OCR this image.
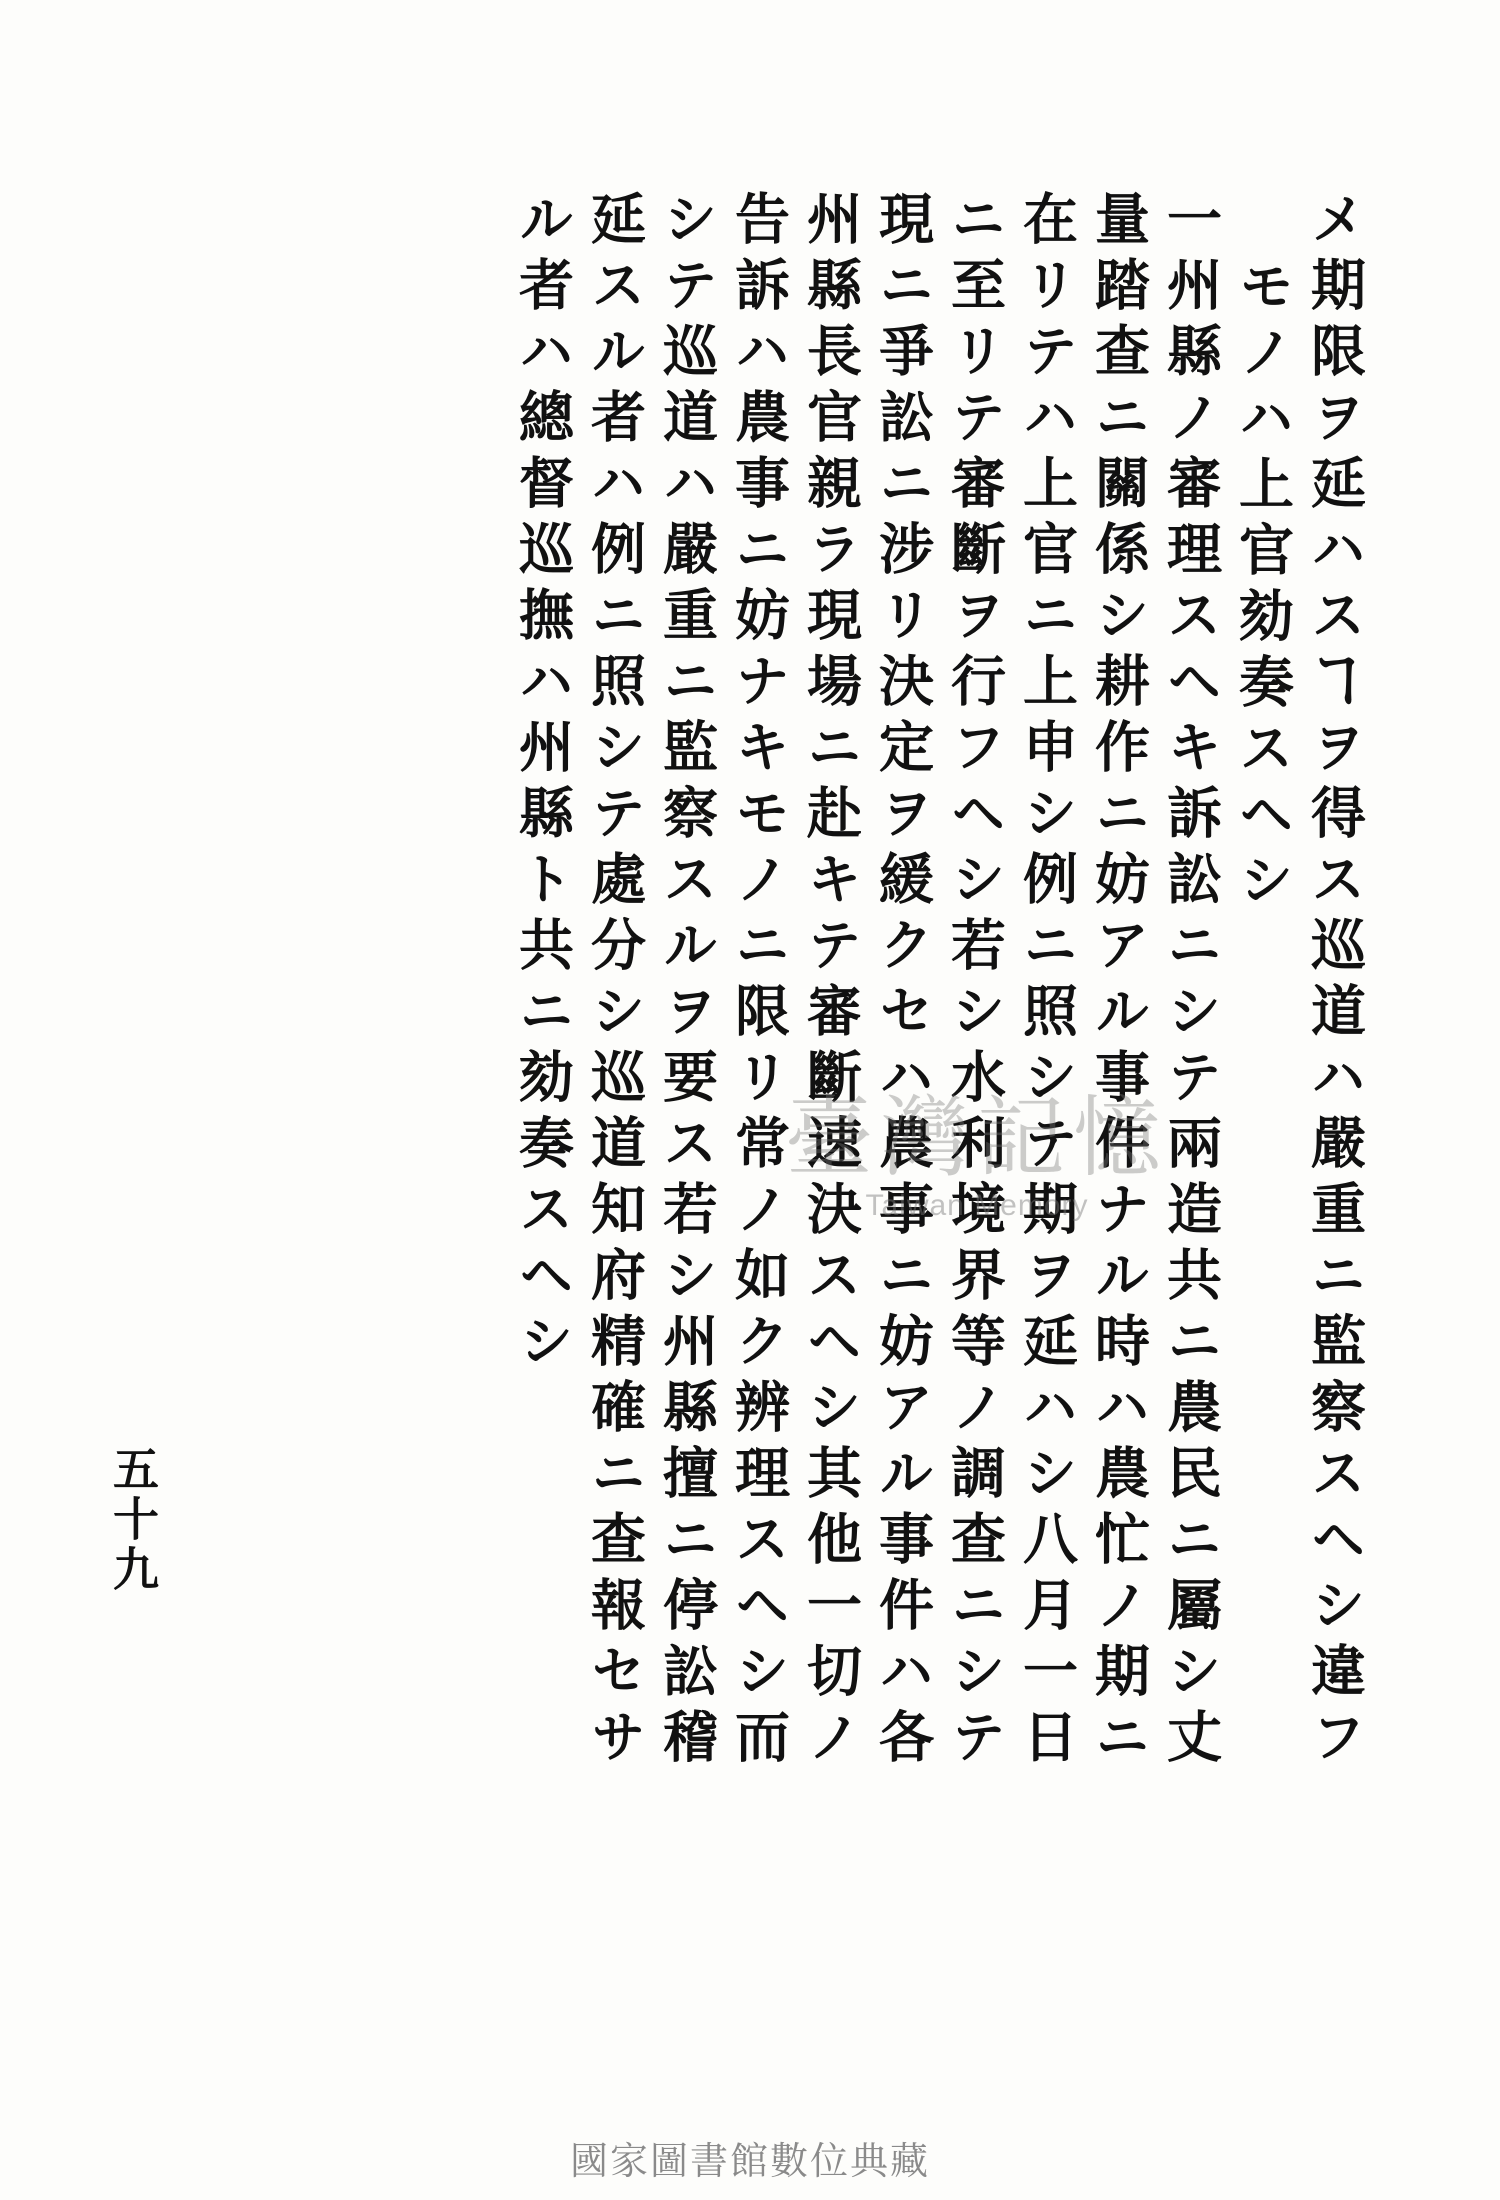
メ期限ヲ延ハスヿヲ得ス巡道ハ嚴重ニ監察スヘシ違フ
モノハ上官劾奏スヘシ
一州縣ノ審理スヘキ訴訟ニシテ兩造共ニ農民ニ屬シ丈
量踏查ニ關係シ耕作ニ妨アル事件ナル時ハ農忙ノ期ニ
在リテハ上官ニ上申シ例ニ照シテ期ヲ延ハシ八月一日
ニ至リテ審斷ヲ行フヘシ若シ水利境界等ノ調查ニシテ
現ニ爭訟ニ涉リ決定ヲ緩クセハ農事ニ妨アル事件ハ各
州縣長官親ラ現場ニ赴キテ審斷速決スヘシ其他一切ノ
告訴ハ農事ニ妨ナキモノニ限リ常ノ如ク辨理スヘシ而
シテ巡道ハ嚴重ニ監察スルヲ要ス若シ州縣擅ニ停訟稽
延スル者ハ例ニ照シテ處分シ巡道知府精確ニ查報セサ
ル者ハ總督巡撫ハ州縣ト共ニ劾奏スヘシ
五十九
臺灣記憶
Taiwan Memory
國家圖書館數位典藏
